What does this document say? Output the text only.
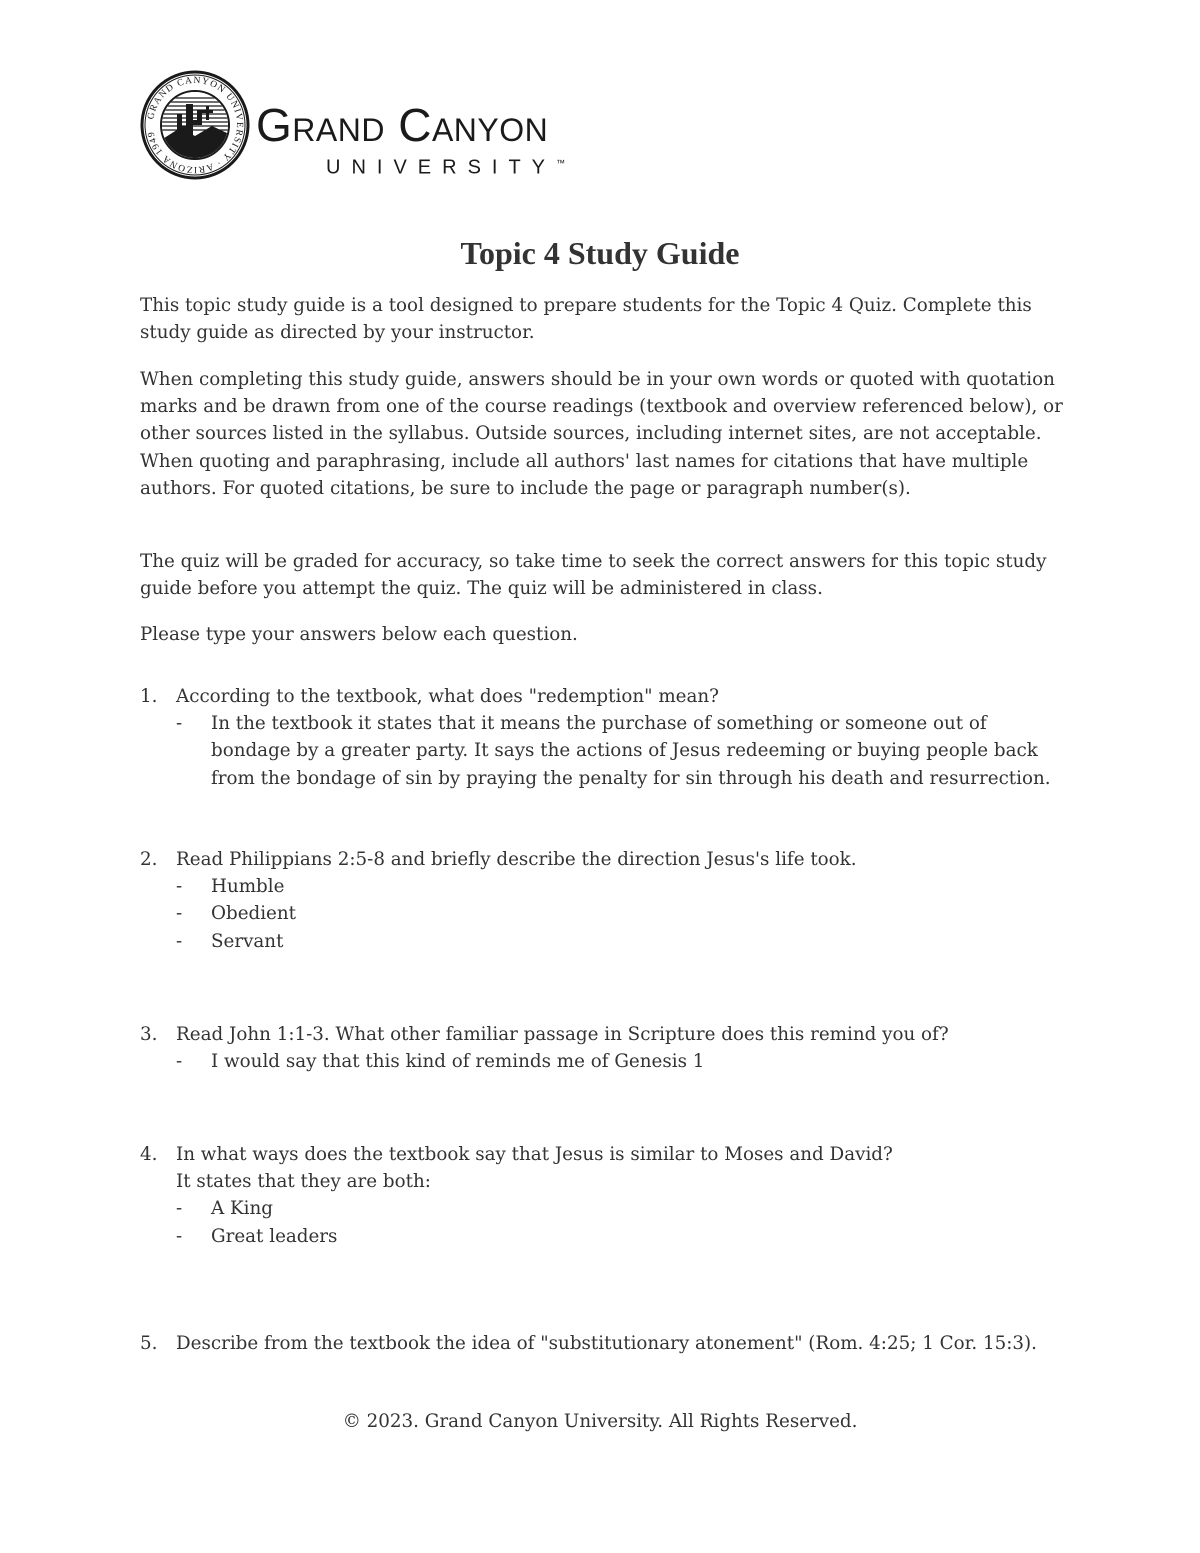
GRAND CANYON UNIVERSITY · ARIZONA 1949	Grand Canyon
UNIVERSITY™
Topic 4 Study Guide

This topic study guide is a tool designed to prepare students for the Topic 4 Quiz. Complete this study guide as directed by your instructor.

When completing this study guide, answers should be in your own words or quoted with quotation marks and be drawn from one of the course readings (textbook and overview referenced below), or other sources listed in the syllabus. Outside sources, including internet sites, are not acceptable. When quoting and paraphrasing, include all authors' last names for citations that have multiple authors. For quoted citations, be sure to include the page or paragraph number(s).

The quiz will be graded for accuracy, so take time to seek the correct answers for this topic study guide before you attempt the quiz. The quiz will be administered in class.

Please type your answers below each question.

1. According to the textbook, what does "redemption" mean?
- In the textbook it states that it means the purchase of something or someone out of bondage by a greater party. It says the actions of Jesus redeeming or buying people back from the bondage of sin by praying the penalty for sin through his death and resurrection.
2. Read Philippians 2:5-8 and briefly describe the direction Jesus's life took.
- Humble
- Obedient
- Servant
3. Read John 1:1-3. What other familiar passage in Scripture does this remind you of?
- I would say that this kind of reminds me of Genesis 1
4. In what ways does the textbook say that Jesus is similar to Moses and David?
It states that they are both:
- A King
- Great leaders
5. Describe from the textbook the idea of "substitutionary atonement" (Rom. 4:25; 1 Cor. 15:3).
© 2023. Grand Canyon University. All Rights Reserved.
